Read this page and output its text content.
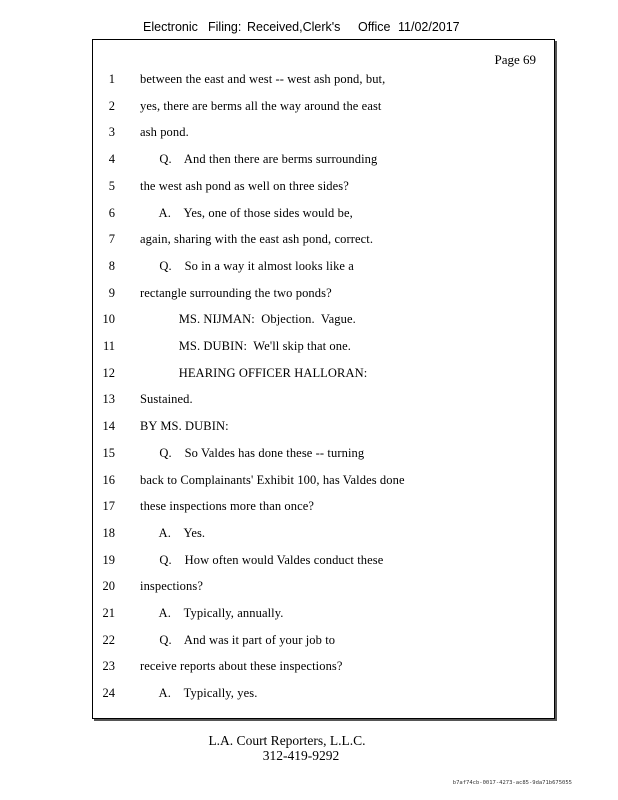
Electronic Filing: Received,Clerk's Office 11/02/2017
Page 69
1 between the east and west -- west ash pond, but,
2 yes, there are berms all the way around the east
3 ash pond.
4 Q.    And then there are berms surrounding
5 the west ash pond as well on three sides?
6 A.    Yes, one of those sides would be,
7 again, sharing with the east ash pond, correct.
8 Q.    So in a way it almost looks like a
9 rectangle surrounding the two ponds?
10 MS. NIJMAN:  Objection.  Vague.
11 MS. DUBIN:  We'll skip that one.
12 HEARING OFFICER HALLORAN:
13 Sustained.
14 BY MS. DUBIN:
15 Q.    So Valdes has done these -- turning
16 back to Complainants' Exhibit 100, has Valdes done
17 these inspections more than once?
18 A.    Yes.
19 Q.    How often would Valdes conduct these
20 inspections?
21 A.    Typically, annually.
22 Q.    And was it part of your job to
23 receive reports about these inspections?
24 A.    Typically, yes.
L.A. Court Reporters, L.L.C.
312-419-9292
b7af74cb-0017-4273-ac85-9da71b675055
